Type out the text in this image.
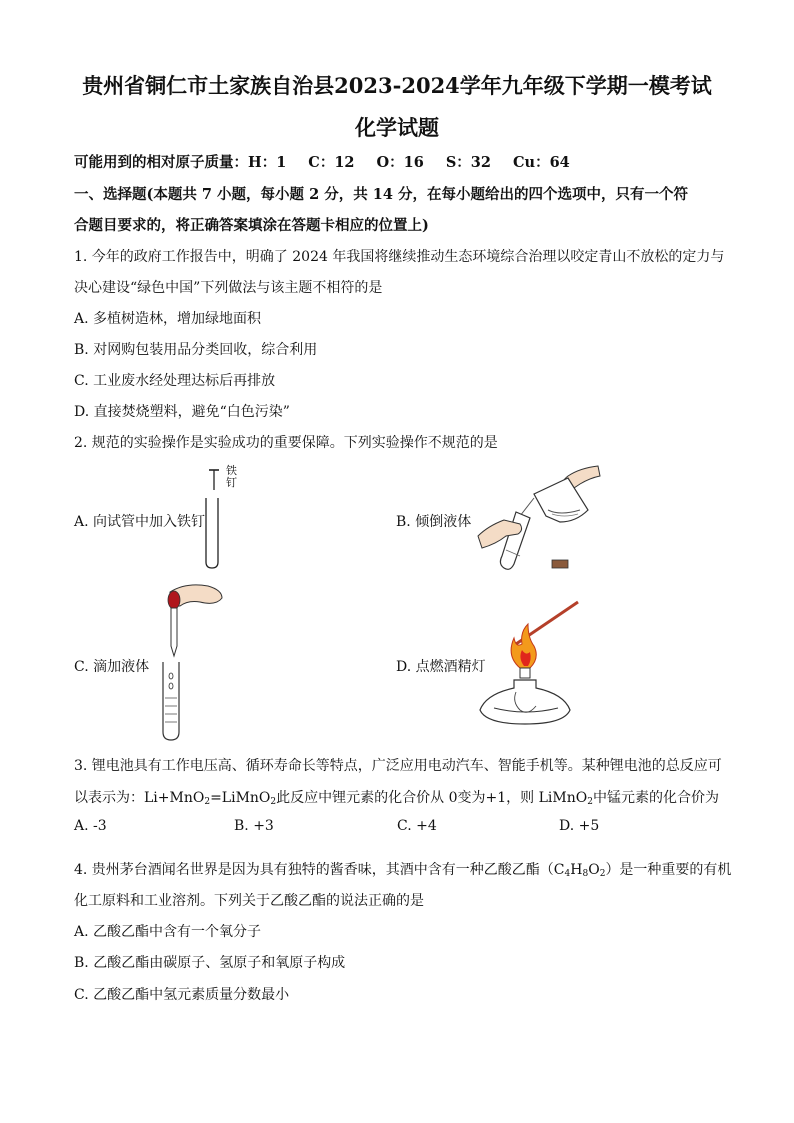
贵州省铜仁市土家族自治县2023-2024学年九年级下学期一模考试
化学试题
可能用到的相对原子质量：H：1 C：12 O：16 S：32 Cu：64
一、选择题(本题共 7 小题，每小题 2 分，共 14 分，在每小题给出的四个选项中，只有一个符
合题目要求的，将正确答案填涂在答题卡相应的位置上)
1. 今年的政府工作报告中，明确了 2024 年我国将继续推动生态环境综合治理以咬定青山不放松的定力与
决心建设“绿色中国”下列做法与该主题不相符的是
A. 多植树造林，增加绿地面积
B. 对网购包装用品分类回收，综合利用
C. 工业废水经处理达标后再排放
D. 直接焚烧塑料，避免“白色污染”
2. 规范的实验操作是实验成功的重要保障。下列实验操作不规范的是
A. 向试管中加入铁钉
铁钉
B. 倾倒液体
C. 滴加液体	D. 点燃酒精灯
3. 锂电池具有工作电压高、循环寿命长等特点，广泛应用电动汽车、智能手机等。某种锂电池的总反应可
以表示为：Li+MnO$_2$=LiMnO$_2$此反应中锂元素的化合价从 0变为+1，则 LiMnO$_2$中锰元素的化合价为
A. -3	B. +3	C. +4	D. +5
4. 贵州茅台酒闻名世界是因为具有独特的酱香味，其酒中含有一种乙酸乙酯$(C_4H_8O_2)$是一种重要的有机
化工原料和工业溶剂。下列关于乙酸乙酯的说法正确的是
A. 乙酸乙酯中含有一个氧分子
B. 乙酸乙酯由碳原子、氢原子和氧原子构成
C. 乙酸乙酯中氢元素质量分数最小
